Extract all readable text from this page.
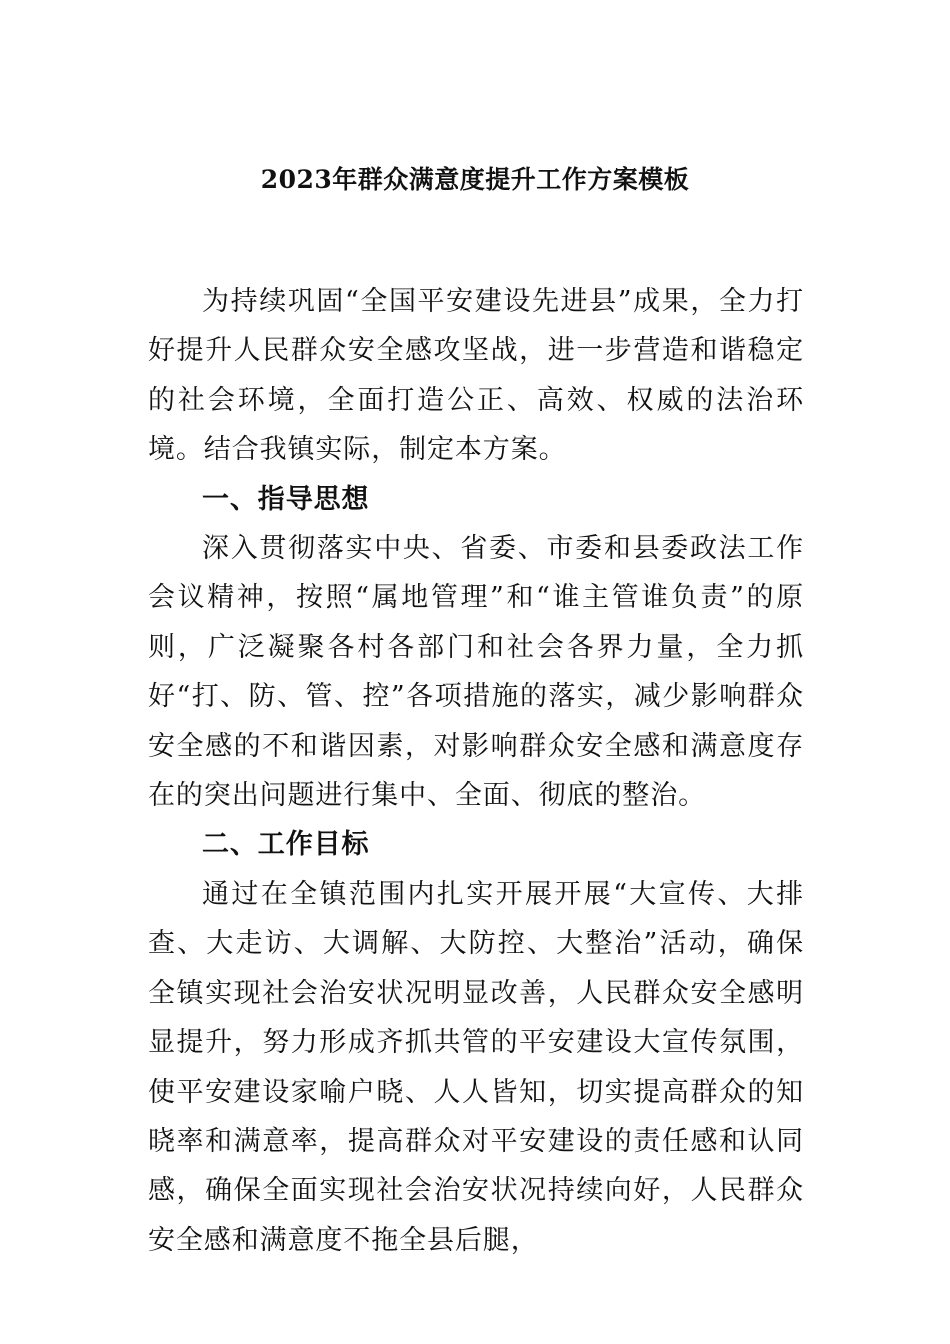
2023年群众满意度提升工作方案模板

为持续巩固“全国平安建设先进县”成果，全力打好提升人民群众安全感攻坚战，进一步营造和谐稳定的社会环境，全面打造公正、高效、权威的法治环境。结合我镇实际，制定本方案。

一、指导思想

深入贯彻落实中央、省委、市委和县委政法工作会议精神，按照“属地管理”和“谁主管谁负责”的原则，广泛凝聚各村各部门和社会各界力量，全力抓好“打、防、管、控”各项措施的落实，减少影响群众安全感的不和谐因素，对影响群众安全感和满意度存在的突出问题进行集中、全面、彻底的整治。

二、工作目标

通过在全镇范围内扎实开展开展“大宣传、大排查、大走访、大调解、大防控、大整治”活动，确保全镇实现社会治安状况明显改善，人民群众安全感明显提升，努力形成齐抓共管的平安建设大宣传氛围，使平安建设家喻户晓、人人皆知，切实提高群众的知晓率和满意率，提高群众对平安建设的责任感和认同感，确保全面实现社会治安状况持续向好，人民群众安全感和满意度不拖全县后腿，
